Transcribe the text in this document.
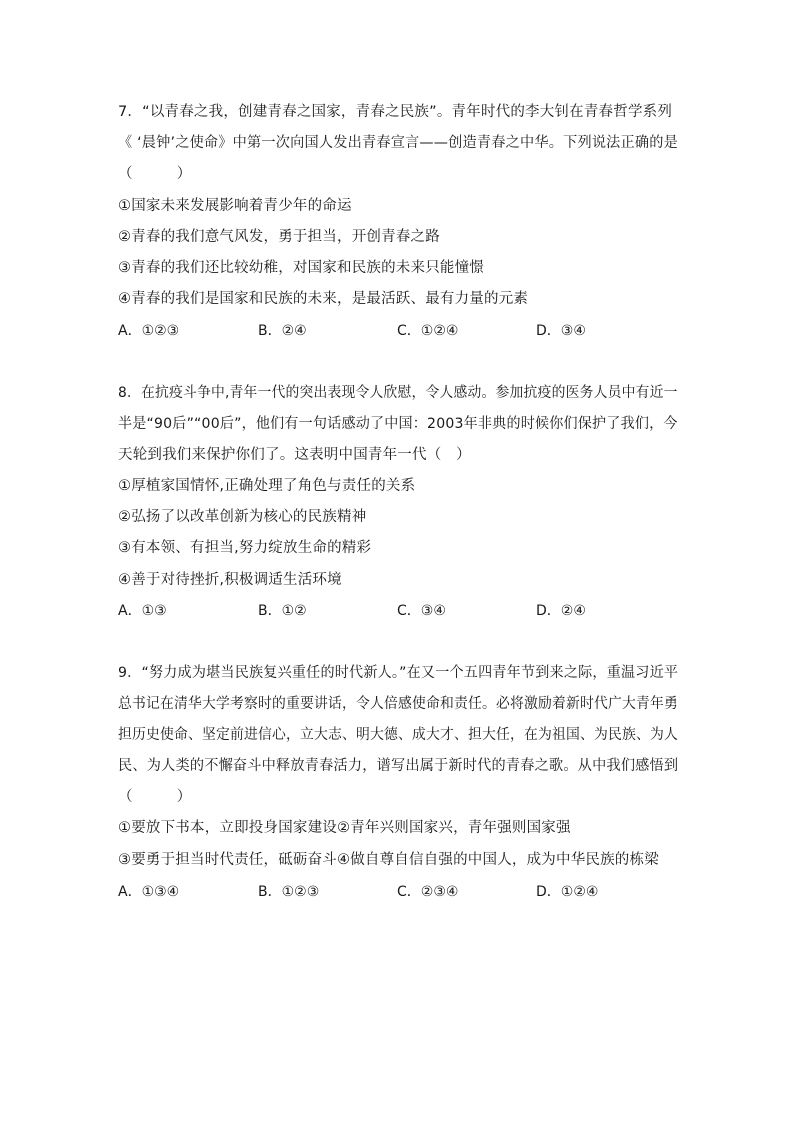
7．“以青春之我，创建青春之国家，青春之民族”。青年时代的李大钊在青春哲学系列
《 ‘晨钟’之使命》中第一次向国人发出青春宣言——创造青春之中华。下列说法正确的是
（　　　）
①国家未来发展影响着青少年的命运
②青春的我们意气风发，勇于担当，开创青春之路
③青春的我们还比较幼稚，对国家和民族的未来只能憧憬
④青春的我们是国家和民族的未来，是最活跃、最有力量的元素
A．①②③	B．②④	C．①②④	D．③④
8．在抗疫斗争中,青年一代的突出表现令人欣慰，令人感动。参加抗疫的医务人员中有近一
半是“90后”“00后”，他们有一句话感动了中国：2003年非典的时候你们保护了我们，今
天轮到我们来保护你们了。这表明中国青年一代（　）
①厚植家国情怀,正确处理了角色与责任的关系
②弘扬了以改革创新为核心的民族精神
③有本领、有担当,努力绽放生命的精彩
④善于对待挫折,积极调适生活环境
A．①③	B．①②	C．③④	D．②④
9．“努力成为堪当民族复兴重任的时代新人。”在又一个五四青年节到来之际，重温习近平
总书记在清华大学考察时的重要讲话，令人倍感使命和责任。必将激励着新时代广大青年勇
担历史使命、坚定前进信心，立大志、明大德、成大才、担大任，在为祖国、为民族、为人
民、为人类的不懈奋斗中释放青春活力，谱写出属于新时代的青春之歌。从中我们感悟到
（　　　）
①要放下书本，立即投身国家建设②青年兴则国家兴，青年强则国家强
③要勇于担当时代责任，砥砺奋斗④做自尊自信自强的中国人，成为中华民族的栋梁
A．①③④	B．①②③	C．②③④	D．①②④
